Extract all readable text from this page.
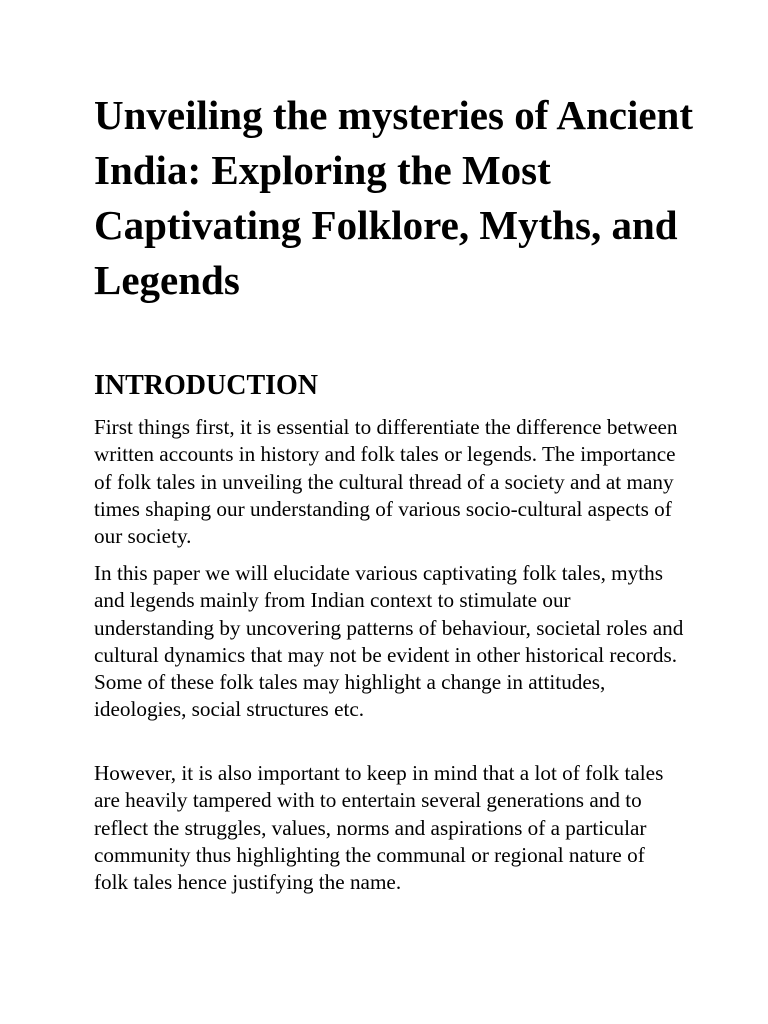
Unveiling the mysteries of Ancient India: Exploring the Most Captivating Folklore, Myths, and Legends
INTRODUCTION

First things first, it is essential to differentiate the difference between written accounts in history and folk tales or legends. The importance of folk tales in unveiling the cultural thread of a society and at many times shaping our understanding of various socio-cultural aspects of our society.

In this paper we will elucidate various captivating folk tales, myths and legends mainly from Indian context to stimulate our understanding by uncovering patterns of behaviour, societal roles and cultural dynamics that may not be evident in other historical records. Some of these folk tales may highlight a change in attitudes, ideologies, social structures etc.

However, it is also important to keep in mind that a lot of folk tales are heavily tampered with to entertain several generations and to reflect the struggles, values, norms and aspirations of a particular community thus highlighting the communal or regional nature of folk tales hence justifying the name.
